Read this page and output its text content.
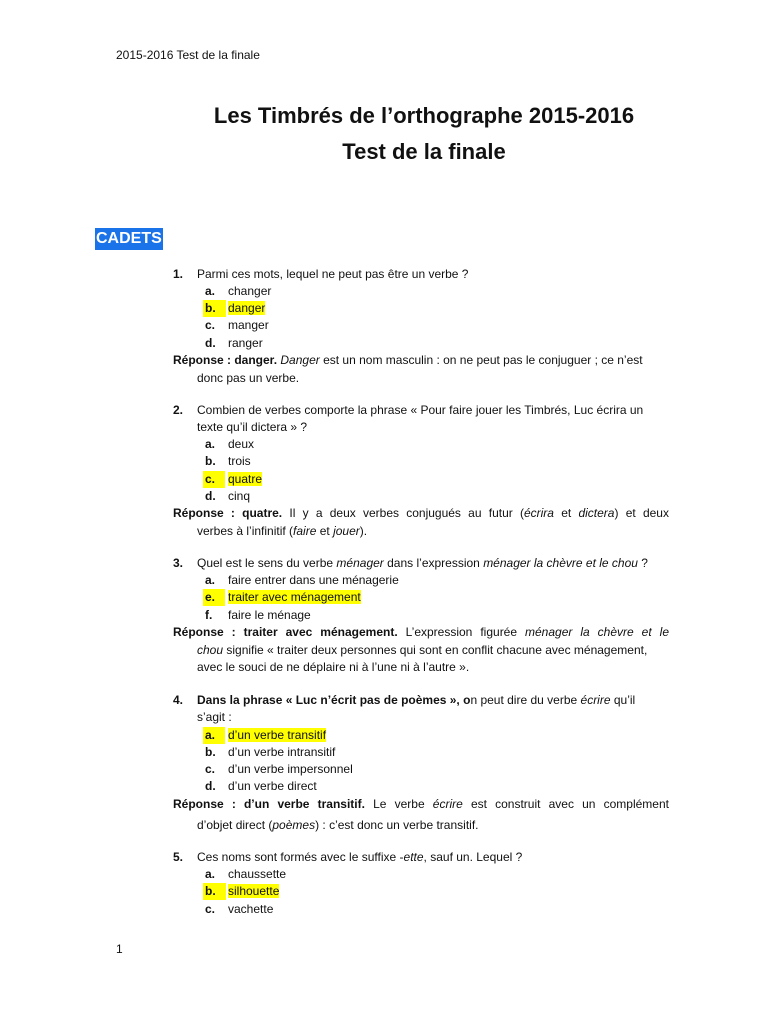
2015-2016 Test de la finale
Les Timbrés de l’orthographe 2015-2016
Test de la finale
CADETS
1. Parmi ces mots, lequel ne peut pas être un verbe ?
a. changer
b.	danger
c. manger
d. ranger
Réponse : danger. Danger est un nom masculin : on ne peut pas le conjuguer ; ce n’est
donc pas un verbe.
2. Combien de verbes comporte la phrase « Pour faire jouer les Timbrés, Luc écrira un
texte qu’il dictera » ?
a. deux
b. trois
c.	quatre
d. cinq
Réponse : quatre. Il y a deux verbes conjugués au futur (écrira et dictera) et deux
verbes à l’infinitif (faire et jouer).
3. Quel est le sens du verbe ménager dans l’expression ménager la chèvre et le chou ?
a. faire entrer dans une ménagerie
e.	traiter avec ménagement
f. faire le ménage
Réponse : traiter avec ménagement. L’expression figurée ménager la chèvre et le
chou signifie « traiter deux personnes qui sont en conflit chacune avec ménagement,
avec le souci de ne déplaire ni à l’une ni à l’autre ».
4. Dans la phrase « Luc n’écrit pas de poèmes », on peut dire du verbe écrire qu’il
s’agit :
a.	d’un verbe transitif
b. d’un verbe intransitif
c. d’un verbe impersonnel
d. d’un verbe direct
Réponse : d’un verbe transitif. Le verbe écrire est construit avec un complément
d’objet direct (poèmes) : c’est donc un verbe transitif.
5. Ces noms sont formés avec le suffixe -ette, sauf un. Lequel ?
a. chaussette
b.	silhouette
c. vachette
1
